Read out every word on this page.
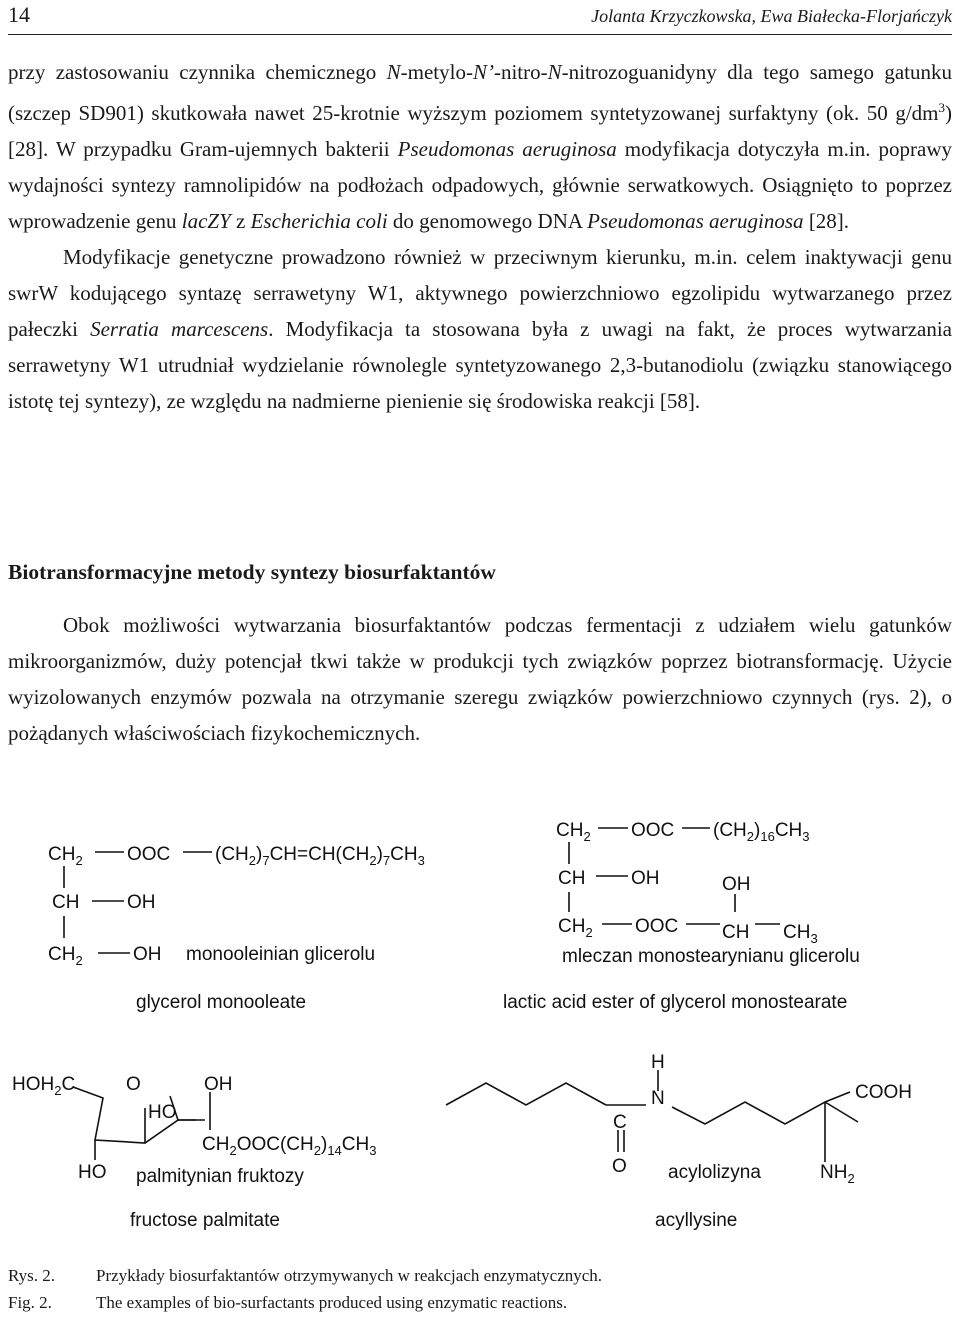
14	Jolanta Krzyczkowska, Ewa Białecka-Florjańczyk

przy zastosowaniu czynnika chemicznego N-metylo-N’-nitro-N-nitrozoguanidyny dla tego samego gatunku (szczep SD901) skutkowała nawet 25-krotnie wyższym poziomem syntetyzowanej surfaktyny (ok. 50 $g/dm^3$) [28]. W przypadku Gram-ujemnych bakterii Pseudomonas aeruginosa modyfikacja dotyczyła m.in. poprawy wydajności syntezy ramnolipidów na podłożach odpadowych, głównie serwatkowych. Osiągnięto to poprzez wprowadzenie genu lacZY z Escherichia coli do genomowego DNA Pseudomonas aeruginosa [28].

Modyfikacje genetyczne prowadzono również w przeciwnym kierunku, m.in. celem inaktywacji genu swrW kodującego syntazę serrawetyny W1, aktywnego powierzchniowo egzolipidu wytwarzanego przez pałeczki Serratia marcescens. Modyfikacja ta stosowana była z uwagi na fakt, że proces wytwarzania serrawetyny W1 utrudniał wydzielanie równolegle syntetyzowanego 2,3-butanodiolu (związku stanowiącego istotę tej syntezy), ze względu na nadmierne pienienie się środowiska reakcji [58].

Biotransformacyjne metody syntezy biosurfaktantów

Obok możliwości wytwarzania biosurfaktantów podczas fermentacji z udziałem wielu gatunków mikroorganizmów, duży potencjał tkwi także w produkcji tych związków poprzez biotransformację. Użycie wyizolowanych enzymów pozwala na otrzymanie szeregu związków powierzchniowo czynnych (rys. 2), o pożądanych właściwościach fizykochemicznych.

$CH_2$ OOC $(CH_2)_7CH=CH(CH_2)_7CH_3$
CH	OH
$CH_2$	OH monooleinian glicerolu
glycerol monooleate
$CH_2$ OOC $(CH_2)_{16}CH_3$
CH OH	OH
$CH_2$ OOC CH $CH_3$
mleczan monostearynianu glicerolu
lactic acid ester of glycerol monostearate
$HOH_2C$	O	OH
HO
HO
$CH_2OOC(CH_2)_{14}CH_3$
palmitynian fruktozy
fructose palmitate
H
N
C
O
COOH
$NH_2$
acylolizyna
acyllysine
Rys. 2. Przykłady biosurfaktantów otrzymywanych w reakcjach enzymatycznych.
Fig. 2.	The examples of bio-surfactants produced using enzymatic reactions.
